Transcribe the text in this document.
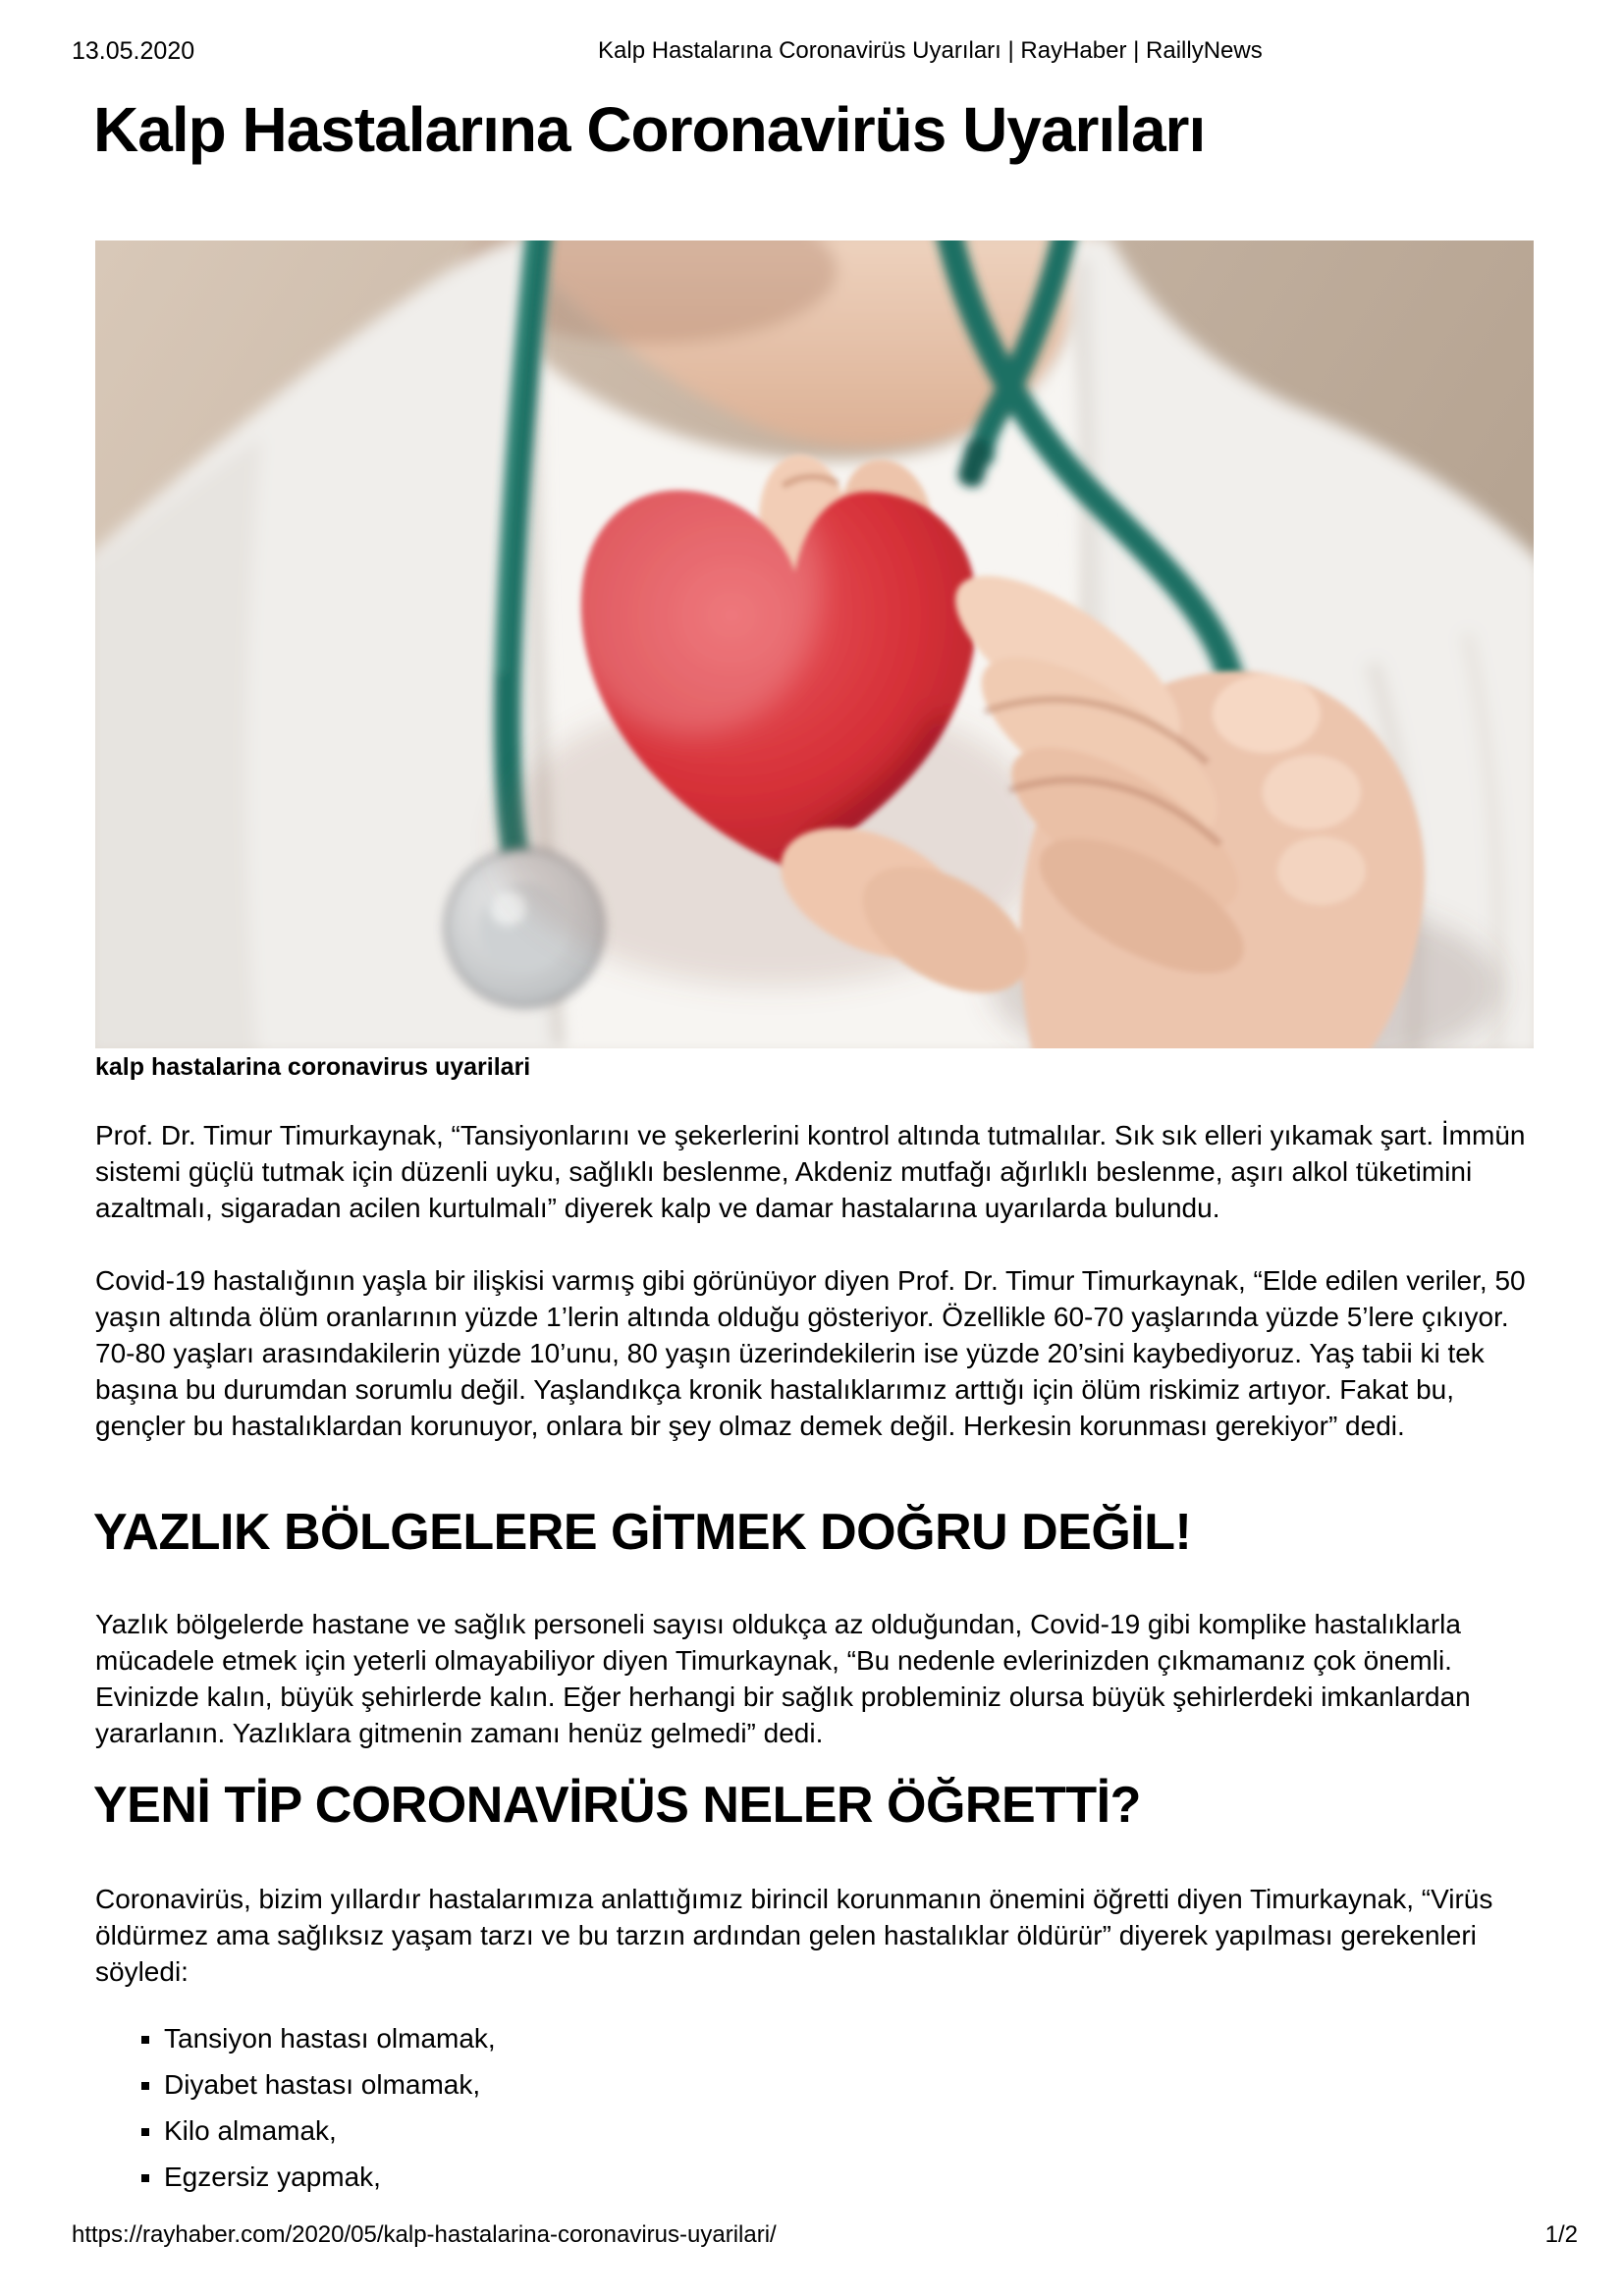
13.05.2020	Kalp Hastalarına Coronavirüs Uyarıları | RayHaber | RaillyNews
Kalp Hastalarına Coronavirüs Uyarıları
kalp hastalarina coronavirus uyarilari

Prof. Dr. Timur Timurkaynak, “Tansiyonlarını ve şekerlerini kontrol altında tutmalılar. Sık sık elleri yıkamak şart. İmmün sistemi güçlü tutmak için düzenli uyku, sağlıklı beslenme, Akdeniz mutfağı ağırlıklı beslenme, aşırı alkol tüketimini azaltmalı, sigaradan acilen kurtulmalı” diyerek kalp ve damar hastalarına uyarılarda bulundu.

Covid-19 hastalığının yaşla bir ilişkisi varmış gibi görünüyor diyen Prof. Dr. Timur Timurkaynak, “Elde edilen veriler, 50 yaşın altında ölüm oranlarının yüzde 1’lerin altında olduğu gösteriyor. Özellikle 60-70 yaşlarında yüzde 5’lere çıkıyor. 70-80 yaşları arasındakilerin yüzde 10’unu, 80 yaşın üzerindekilerin ise yüzde 20’sini kaybediyoruz. Yaş tabii ki tek başına bu durumdan sorumlu değil. Yaşlandıkça kronik hastalıklarımız arttığı için ölüm riskimiz artıyor. Fakat bu, gençler bu hastalıklardan korunuyor, onlara bir şey olmaz demek değil. Herkesin korunması gerekiyor” dedi.

YAZLIK BÖLGELERE GİTMEK DOĞRU DEĞİL!

Yazlık bölgelerde hastane ve sağlık personeli sayısı oldukça az olduğundan, Covid-19 gibi komplike hastalıklarla mücadele etmek için yeterli olmayabiliyor diyen Timurkaynak, “Bu nedenle evlerinizden çıkmamanız çok önemli. Evinizde kalın, büyük şehirlerde kalın. Eğer herhangi bir sağlık probleminiz olursa büyük şehirlerdeki imkanlardan yararlanın. Yazlıklara gitmenin zamanı henüz gelmedi” dedi.

YENİ TİP CORONAVİRÜS NELER ÖĞRETTİ?

Coronavirüs, bizim yıllardır hastalarımıza anlattığımız birincil korunmanın önemini öğretti diyen Timurkaynak, “Virüs öldürmez ama sağlıksız yaşam tarzı ve bu tarzın ardından gelen hastalıklar öldürür” diyerek yapılması gerekenleri söyledi:

▪ Tansiyon hastası olmamak,
▪ Diyabet hastası olmamak,
▪ Kilo almamak,
▪ Egzersiz yapmak,
https://rayhaber.com/2020/05/kalp-hastalarina-coronavirus-uyarilari/	1/2
